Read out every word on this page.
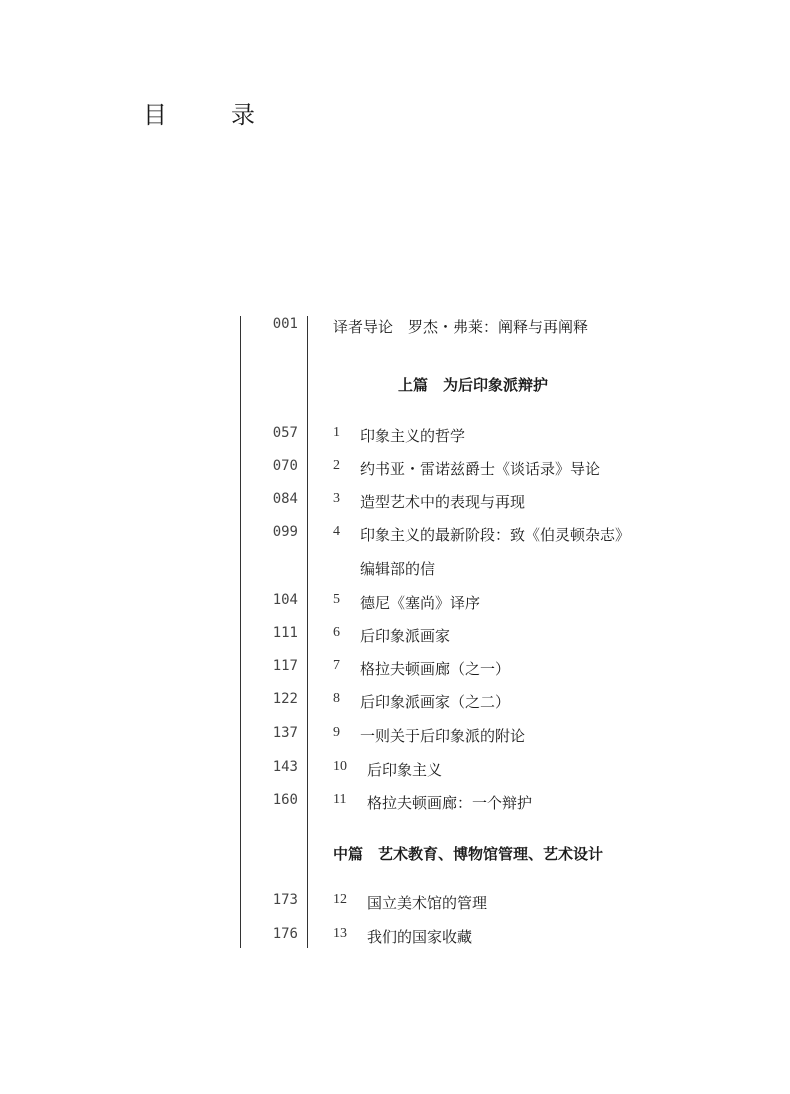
目　录
001 译者导论　罗杰・弗莱：阐释与再阐释
上篇　为后印象派辩护
057	1 印象主义的哲学
070	2 约书亚・雷诺兹爵士《谈话录》导论
084	3 造型艺术中的表现与再现
099	4 印象主义的最新阶段：致《伯灵顿杂志》
编辑部的信
104	5 德尼《塞尚》译序
111	6 后印象派画家
117	7 格拉夫顿画廊（之一）
122	8 后印象派画家（之二）
137	9 一则关于后印象派的附论
143	10 后印象主义
160	11 格拉夫顿画廊：一个辩护
中篇　艺术教育、博物馆管理、艺术设计
173	12 国立美术馆的管理
176	13 我们的国家收藏
